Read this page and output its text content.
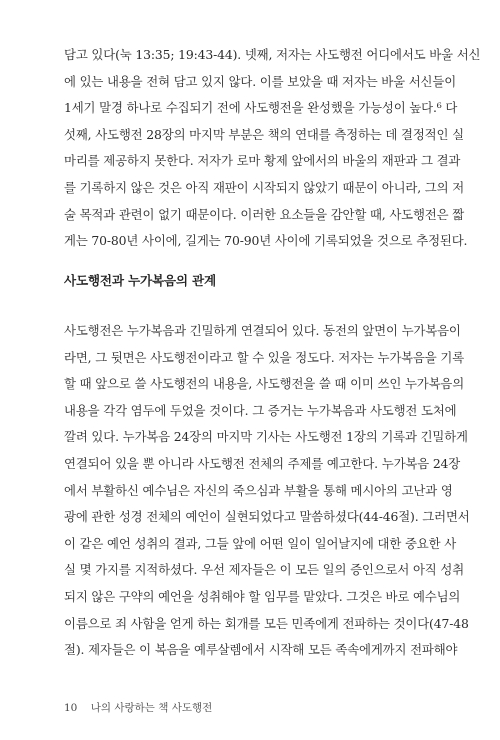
담고 있다(눅 13:35; 19:43-44). 넷째, 저자는 사도행전 어디에서도 바울 서신
에 있는 내용을 전혀 담고 있지 않다. 이를 보았을 때 저자는 바울 서신들이
1세기 말경 하나로 수집되기 전에 사도행전을 완성했을 가능성이 높다.⁶ 다
섯째, 사도행전 28장의 마지막 부분은 책의 연대를 측정하는 데 결정적인 실
마리를 제공하지 못한다. 저자가 로마 황제 앞에서의 바울의 재판과 그 결과
를 기록하지 않은 것은 아직 재판이 시작되지 않았기 때문이 아니라, 그의 저
술 목적과 관련이 없기 때문이다. 이러한 요소들을 감안할 때, 사도행전은 짧
게는 70-80년 사이에, 길게는 70-90년 사이에 기록되었을 것으로 추정된다.
사도행전과 누가복음의 관계
사도행전은 누가복음과 긴밀하게 연결되어 있다. 동전의 앞면이 누가복음이
라면, 그 뒷면은 사도행전이라고 할 수 있을 정도다. 저자는 누가복음을 기록
할 때 앞으로 쓸 사도행전의 내용을, 사도행전을 쓸 때 이미 쓰인 누가복음의
내용을 각각 염두에 두었을 것이다. 그 증거는 누가복음과 사도행전 도처에
깔려 있다. 누가복음 24장의 마지막 기사는 사도행전 1장의 기록과 긴밀하게
연결되어 있을 뿐 아니라 사도행전 전체의 주제를 예고한다. 누가복음 24장
에서 부활하신 예수님은 자신의 죽으심과 부활을 통해 메시아의 고난과 영
광에 관한 성경 전체의 예언이 실현되었다고 말씀하셨다(44-46절). 그러면서
이 같은 예언 성취의 결과, 그들 앞에 어떤 일이 일어날지에 대한 중요한 사
실 몇 가지를 지적하셨다. 우선 제자들은 이 모든 일의 증인으로서 아직 성취
되지 않은 구약의 예언을 성취해야 할 임무를 맡았다. 그것은 바로 예수님의
이름으로 죄 사함을 얻게 하는 회개를 모든 민족에게 전파하는 것이다(47-48
절). 제자들은 이 복음을 예루살렘에서 시작해 모든 족속에게까지 전파해야
10 나의 사랑하는 책 사도행전
